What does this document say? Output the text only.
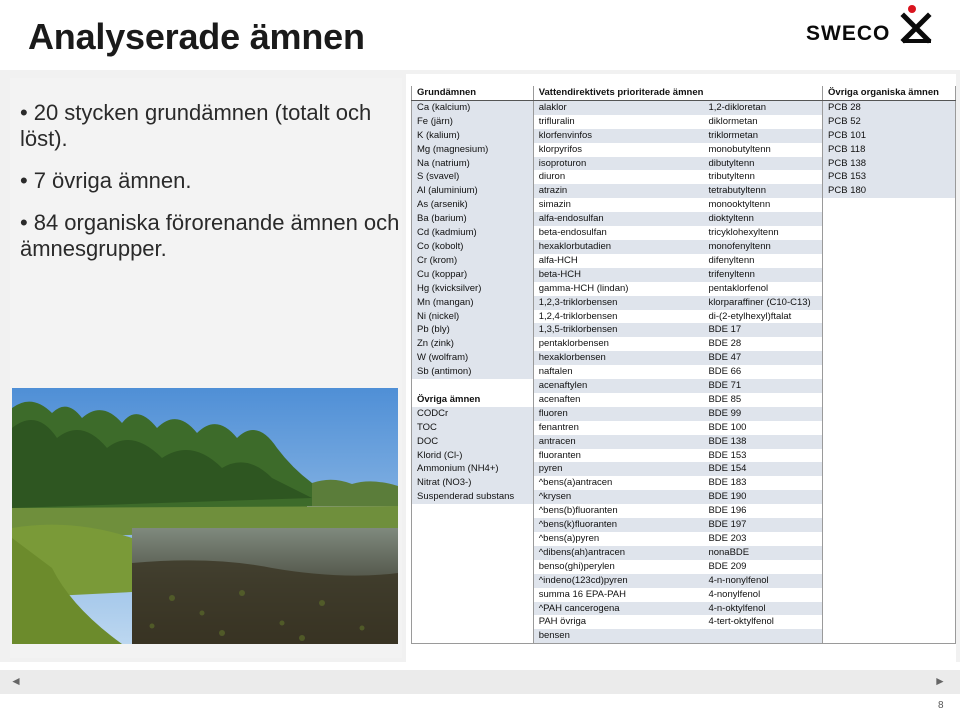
Analyserade ämnen	SWECO

• 20 stycken grundämnen (totalt och löst).

• 7 övriga ämnen.

• 84 organiska förorenande ämnen och ämnesgrupper.

Grundämnen	Vattendirektivets prioriterade ämnen		Övriga organiska ämnen
Ca (kalcium)	alaklor	1,2-dikloretan	PCB 28
Fe (järn)	trifluralin	diklormetan	PCB 52
K (kalium)	klorfenvinfos	triklormetan	PCB 101
Mg (magnesium)	klorpyrifos	monobutyltenn	PCB 118
Na (natrium)	isoproturon	dibutyltenn	PCB 138
S (svavel)	diuron	tributyltenn	PCB 153
Al (aluminium)	atrazin	tetrabutyltenn	PCB 180
As (arsenik)	simazin	monooktyltenn	
Ba (barium)	alfa-endosulfan	dioktyltenn	
Cd (kadmium)	beta-endosulfan	tricyklohexyltenn	
Co (kobolt)	hexaklorbutadien	monofenyltenn	
Cr (krom)	alfa-HCH	difenyltenn	
Cu (koppar)	beta-HCH	trifenyltenn	
Hg (kvicksilver)	gamma-HCH (lindan)	pentaklorfenol	
Mn (mangan)	1,2,3-triklorbensen	klorparaffiner (C10-C13)	
Ni (nickel)	1,2,4-triklorbensen	di-(2-etylhexyl)ftalat	
Pb (bly)	1,3,5-triklorbensen	BDE 17	
Zn (zink)	pentaklorbensen	BDE 28	
W (wolfram)	hexaklorbensen	BDE 47	
Sb (antimon)	naftalen	BDE 66	
	acenaftylen	BDE 71	
Övriga ämnen	acenaften	BDE 85	
CODCr	fluoren	BDE 99	
TOC	fenantren	BDE 100	
DOC	antracen	BDE 138	
Klorid (Cl-)	fluoranten	BDE 153	
Ammonium (NH4+)	pyren	BDE 154	
Nitrat (NO3-)	^bens(a)antracen	BDE 183	
Suspenderad substans	^krysen	BDE 190	
	^bens(b)fluoranten	BDE 196	
	^bens(k)fluoranten	BDE 197	
	^bens(a)pyren	BDE 203	
	^dibens(ah)antracen	nonaBDE	
	benso(ghi)perylen	BDE 209	
	^indeno(123cd)pyren	4-n-nonylfenol	
	summa 16 EPA-PAH	4-nonylfenol	
	^PAH cancerogena	4-n-oktylfenol	
	PAH övriga	4-tert-oktylfenol	
	bensen		
◄	►
8
